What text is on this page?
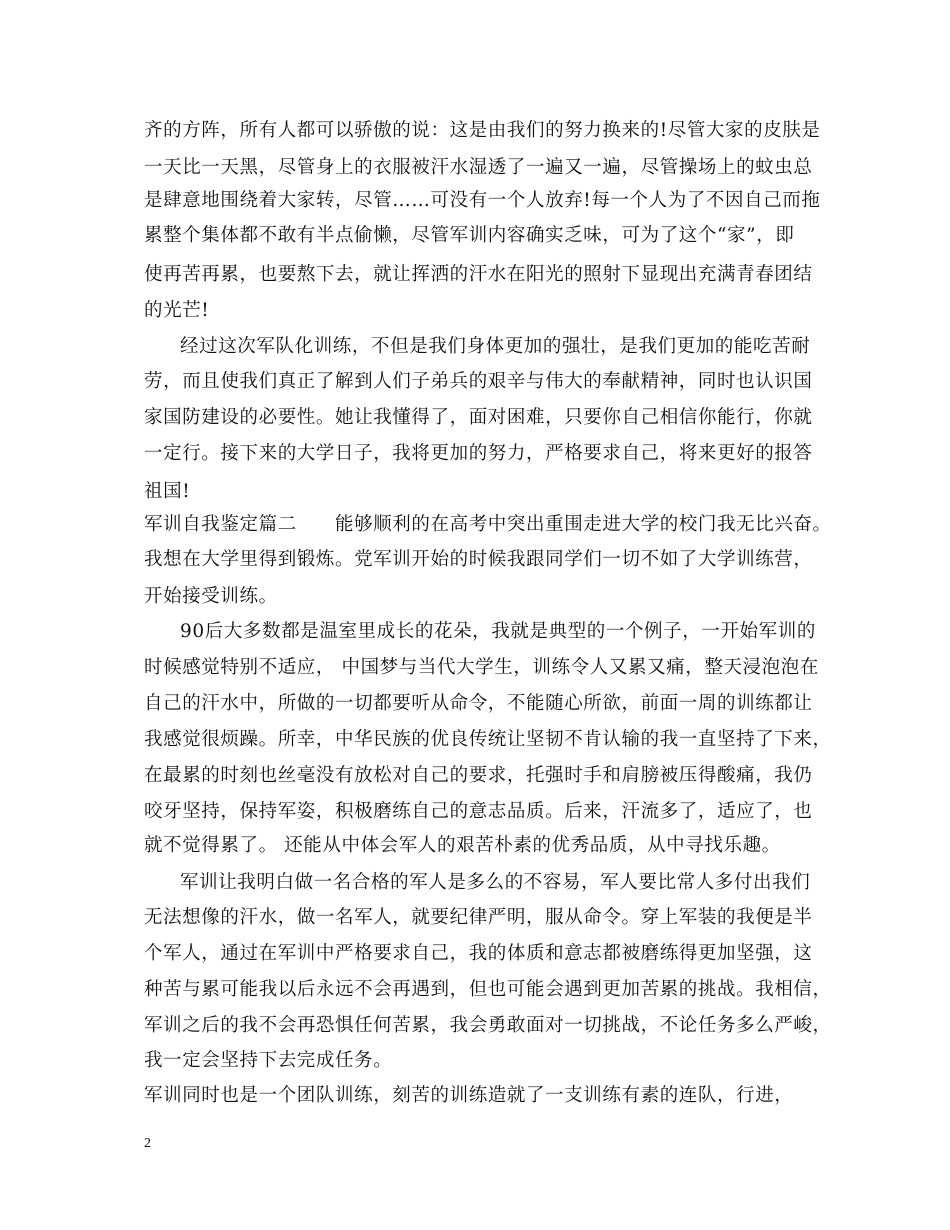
齐的方阵，所有人都可以骄傲的说：这是由我们的努力换来的!尽管大家的皮肤是
一天比一天黑，尽管身上的衣服被汗水湿透了一遍又一遍，尽管操场上的蚊虫总
是肆意地围绕着大家转，尽管……可没有一个人放弃!每一个人为了不因自己而拖
累整个集体都不敢有半点偷懒，尽管军训内容确实乏味，可为了这个“家”，即
使再苦再累，也要熬下去，就让挥洒的汗水在阳光的照射下显现出充满青春团结
的光芒!
经过这次军队化训练，不但是我们身体更加的强壮，是我们更加的能吃苦耐
劳，而且使我们真正了解到人们子弟兵的艰辛与伟大的奉献精神，同时也认识国
家国防建设的必要性。她让我懂得了，面对困难，只要你自己相信你能行，你就
一定行。接下来的大学日子，我将更加的努力，严格要求自己，将来更好的报答
祖国!
军训自我鉴定篇二　　能够顺利的在高考中突出重围走进大学的校门我无比兴奋。
我想在大学里得到锻炼。党军训开始的时候我跟同学们一切不如了大学训练营，
开始接受训练。
90后大多数都是温室里成长的花朵，我就是典型的一个例子，一开始军训的
时候感觉特别不适应， 中国梦与当代大学生，训练令人又累又痛，整天浸泡泡在
自己的汗水中，所做的一切都要听从命令，不能随心所欲，前面一周的训练都让
我感觉很烦躁。所幸，中华民族的优良传统让坚韧不肯认输的我一直坚持了下来，
在最累的时刻也丝毫没有放松对自己的要求，托强时手和肩膀被压得酸痛，我仍
咬牙坚持，保持军姿，积极磨练自己的意志品质。后来，汗流多了，适应了，也
就不觉得累了。 还能从中体会军人的艰苦朴素的优秀品质，从中寻找乐趣。
军训让我明白做一名合格的军人是多么的不容易，军人要比常人多付出我们
无法想像的汗水，做一名军人，就要纪律严明，服从命令。穿上军装的我便是半
个军人，通过在军训中严格要求自己，我的体质和意志都被磨练得更加坚强，这
种苦与累可能我以后永远不会再遇到，但也可能会遇到更加苦累的挑战。我相信，
军训之后的我不会再恐惧任何苦累，我会勇敢面对一切挑战，不论任务多么严峻，
我一定会坚持下去完成任务。
军训同时也是一个团队训练，刻苦的训练造就了一支训练有素的连队，行进，
2
